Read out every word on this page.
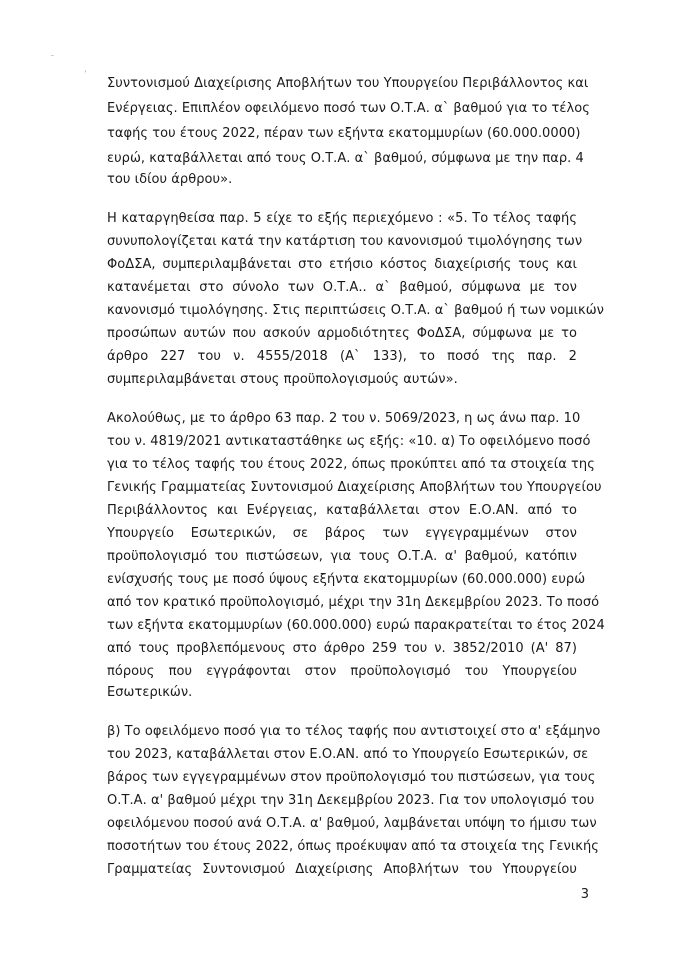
˜
ʼ
Συντονισμού Διαχείρισης Αποβλήτων του Υπουργείου Περιβάλλοντος και
Ενέργειας. Επιπλέον οφειλόμενο ποσό των Ο.Τ.Α. α` βαθμού για το τέλος
ταφής του έτους 2022, πέραν των εξήντα εκατομμυρίων (60.000.0000)
ευρώ, καταβάλλεται από τους Ο.Τ.Α. α` βαθμού, σύμφωνα με την παρ. 4
του ιδίου άρθρου».
Η καταργηθείσα παρ. 5 είχε το εξής περιεχόμενο : «5. Το τέλος ταφής
συνυπολογίζεται κατά την κατάρτιση του κανονισμού τιμολόγησης των
ΦοΔΣΑ, συμπεριλαμβάνεται στο ετήσιο κόστος διαχείρισής τους και
κατανέμεται στο σύνολο των Ο.Τ.Α.. α` βαθμού, σύμφωνα με τον
κανονισμό τιμολόγησης. Στις περιπτώσεις Ο.Τ.Α. α` βαθμού ή των νομικών
προσώπων αυτών που ασκούν αρμοδιότητες ΦοΔΣΑ, σύμφωνα με το
άρθρο 227 του ν. 4555/2018 (Α` 133), το ποσό της παρ. 2
συμπεριλαμβάνεται στους προϋπολογισμούς αυτών».
Ακολούθως, με το άρθρο 63 παρ. 2 του ν. 5069/2023, η ως άνω παρ. 10
του ν. 4819/2021 αντικαταστάθηκε ως εξής: «10. α) Το οφειλόμενο ποσό
για το τέλος ταφής του έτους 2022, όπως προκύπτει από τα στοιχεία της
Γενικής Γραμματείας Συντονισμού Διαχείρισης Αποβλήτων του Υπουργείου
Περιβάλλοντος και Ενέργειας, καταβάλλεται στον Ε.Ο.ΑΝ. από το
Υπουργείο Εσωτερικών, σε βάρος των εγγεγραμμένων στον
προϋπολογισμό του πιστώσεων, για τους Ο.Τ.Α. α' βαθμού, κατόπιν
ενίσχυσής τους με ποσό ύψους εξήντα εκατομμυρίων (60.000.000) ευρώ
από τον κρατικό προϋπολογισμό, μέχρι την 31η Δεκεμβρίου 2023. Το ποσό
των εξήντα εκατομμυρίων (60.000.000) ευρώ παρακρατείται το έτος 2024
από τους προβλεπόμενους στο άρθρο 259 του ν. 3852/2010 (Α' 87)
πόρους που εγγράφονται στον προϋπολογισμό του Υπουργείου
Εσωτερικών.
β) Το οφειλόμενο ποσό για το τέλος ταφής που αντιστοιχεί στο α' εξάμηνο
του 2023, καταβάλλεται στον Ε.Ο.ΑΝ. από το Υπουργείο Εσωτερικών, σε
βάρος των εγγεγραμμένων στον προϋπολογισμό του πιστώσεων, για τους
Ο.Τ.Α. α' βαθμού μέχρι την 31η Δεκεμβρίου 2023. Για τον υπολογισμό του
οφειλόμενου ποσού ανά Ο.Τ.Α. α' βαθμού, λαμβάνεται υπόψη το ήμισυ των
ποσοτήτων του έτους 2022, όπως προέκυψαν από τα στοιχεία της Γενικής
Γραμματείας Συντονισμού Διαχείρισης Αποβλήτων του Υπουργείου
3
